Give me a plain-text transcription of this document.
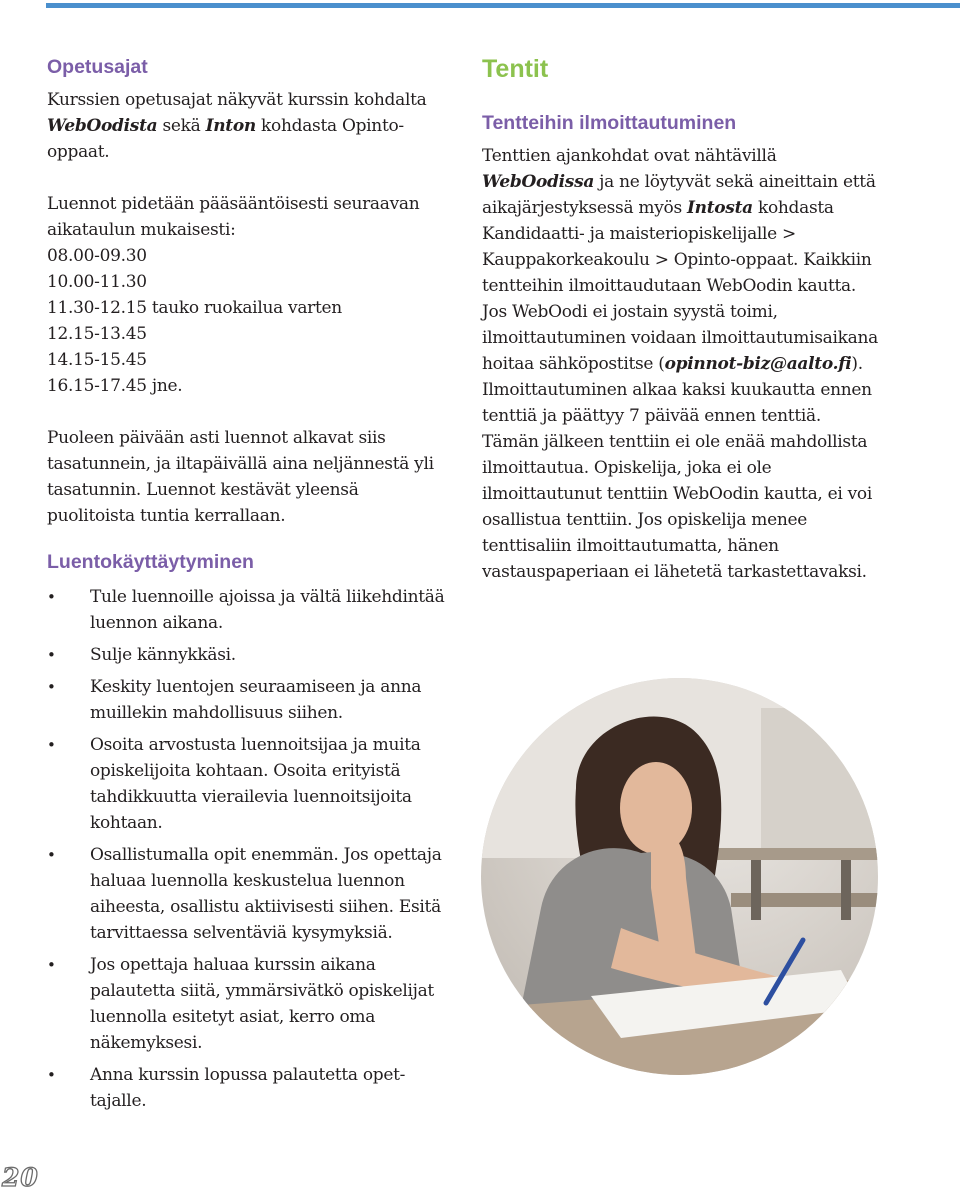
Opetusajat

Kurssien opetusajat näkyvät kurssin kohdalta WebOodista sekä Inton kohdasta Opinto-oppaat.

Luennot pidetään pääsääntöisesti seuraavan aikataulun mukaisesti:

08.00-09.30

10.00-11.30

11.30-12.15 tauko ruokailua varten

12.15-13.45

14.15-15.45

16.15-17.45 jne.

Puoleen päivään asti luennot alkavat siis tasatunnein, ja iltapäivällä aina neljännestä yli tasatunnin. Luennot kestävät yleensä puolitoista tuntia kerrallaan.

Luentokäyttäytyminen
• Tule luennoille ajoissa ja vältä liikehdintää luennon aikana.
• Sulje kännykkäsi.
• Keskity luentojen seuraamiseen ja anna muillekin mahdollisuus siihen.
• Osoita arvostusta luennoitsijaa ja muita opiskelijoita kohtaan. Osoita erityistä tahdikkuutta vierailevia luennoitsijoita kohtaan.
• Osallistumalla opit enemmän. Jos opettaja haluaa luennolla keskustelua luennon aiheesta, osallistu aktiivisesti siihen. Esitä tarvittaessa selventäviä kysymyksiä.
• Jos opettaja haluaa kurssin aikana palautetta siitä, ymmärsivätkö opiskelijat luennolla esitetyt asiat, kerro oma näkemyksesi.
• Anna kurssin lopussa palautetta opettajalle.
Tentit
Tentteihin ilmoittautuminen

Tenttien ajankohdat ovat nähtävillä WebOodissa ja ne löytyvät sekä aineittain että aikajärjestyksessä myös Intosta kohdasta Kandidaatti- ja maisteriopiskelijalle > Kauppakorkeakoulu > Opinto-oppaat. Kaikkiin tentteihin ilmoittaudutaan WebOodin kautta. Jos WebOodi ei jostain syystä toimi, ilmoittautuminen voidaan ilmoittautumisaikana hoitaa sähköpostitse (opinnot-biz@aalto.fi). Ilmoittautuminen alkaa kaksi kuukautta ennen tenttiä ja päättyy 7 päivää ennen tenttiä. Tämän jälkeen tenttiin ei ole enää mahdollista ilmoittautua. Opiskelija, joka ei ole ilmoittautunut tenttiin WebOodin kautta, ei voi osallistua tenttiin. Jos opiskelija menee tenttisaliin ilmoittautumatta, hänen vastauspaperiaan ei lähetetä tarkastettavaksi.

20
